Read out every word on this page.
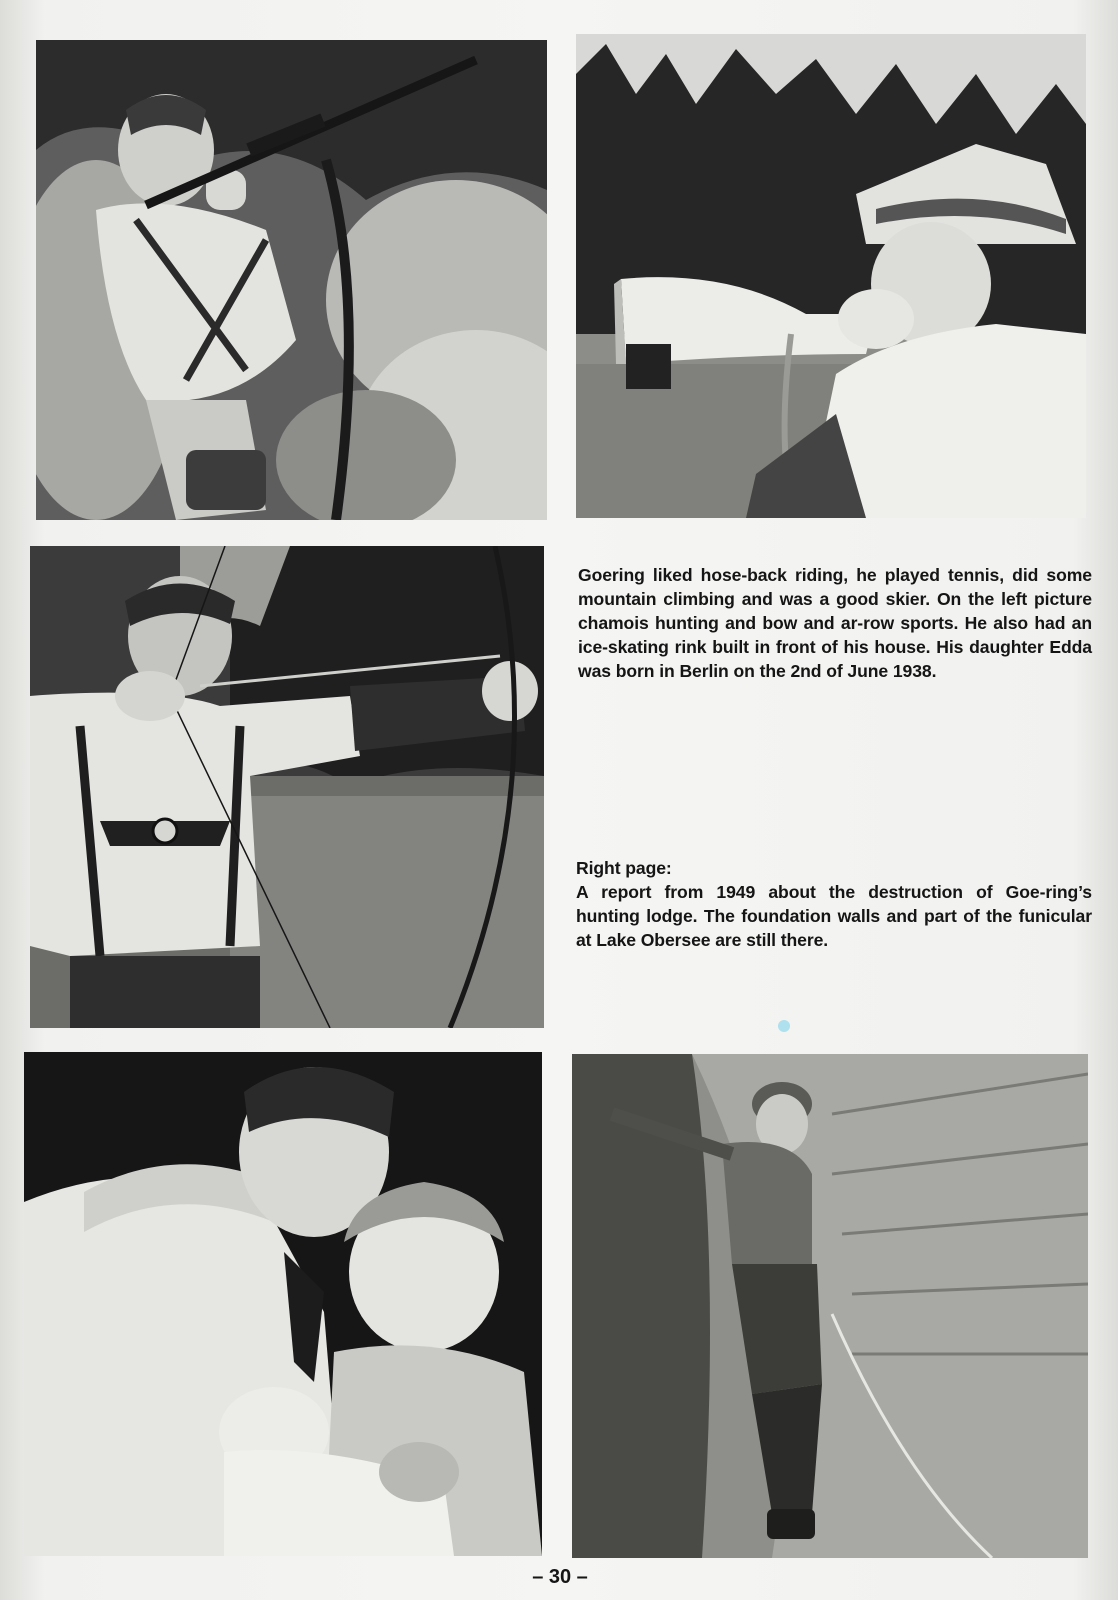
Goering liked hose-back riding, he played tennis, did some mountain climbing and was a good skier. On the left picture chamois hunting and bow and ar-row sports. He also had an ice-skating rink built in front of his house. His daughter Edda was born in Berlin on the 2nd of June 1938.
Right page:
A report from 1949 about the destruction of Goe-ring’s hunting lodge. The foundation walls and part of the funicular at Lake Obersee are still there.
– 30 –
